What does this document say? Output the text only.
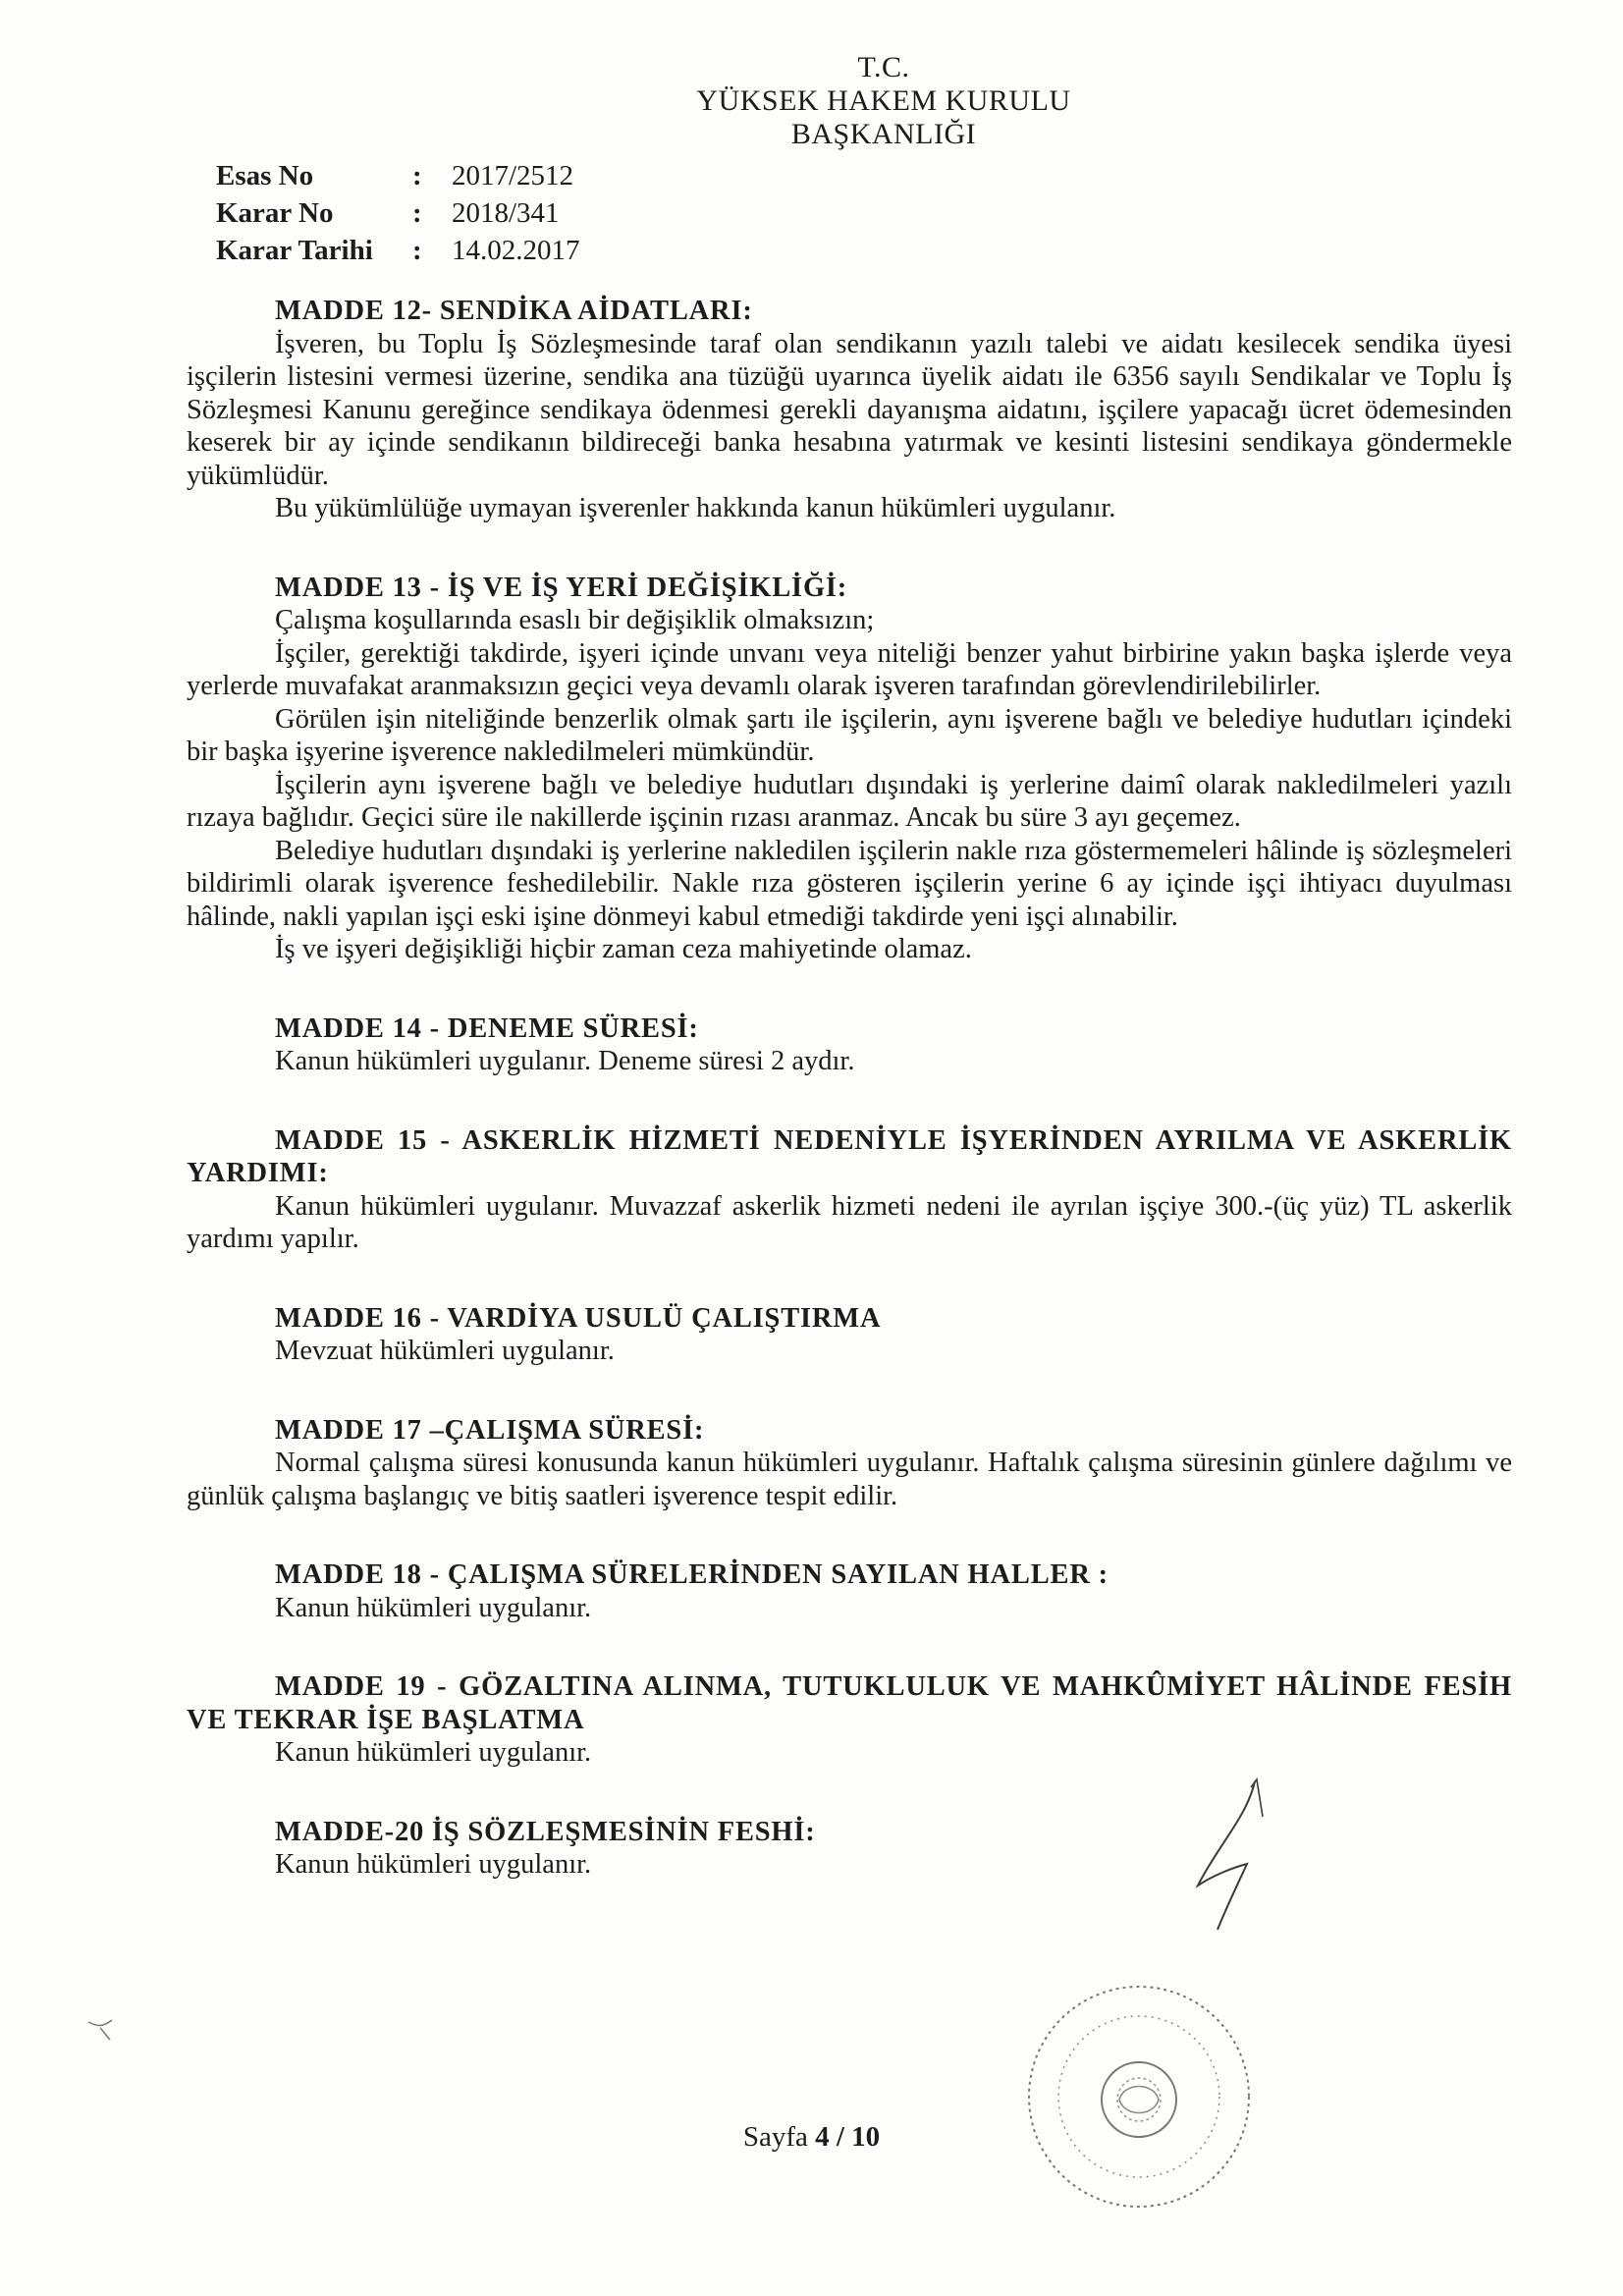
T.C.
YÜKSEK HAKEM KURULU
BAŞKANLIĞI
Esas No	:	2017/2512
Karar No	:	2018/341
Karar Tarihi	:	14.02.2017
MADDE 12- SENDİKA AİDATLARI:

İşveren, bu Toplu İş Sözleşmesinde taraf olan sendikanın yazılı talebi ve aidatı kesilecek sendika üyesi işçilerin listesini vermesi üzerine, sendika ana tüzüğü uyarınca üyelik aidatı ile 6356 sayılı Sendikalar ve Toplu İş Sözleşmesi Kanunu gereğince sendikaya ödenmesi gerekli dayanışma aidatını, işçilere yapacağı ücret ödemesinden keserek bir ay içinde sendikanın bildireceği banka hesabına yatırmak ve kesinti listesini sendikaya göndermekle yükümlüdür.

Bu yükümlülüğe uymayan işverenler hakkında kanun hükümleri uygulanır.

MADDE 13 - İŞ VE İŞ YERİ DEĞİŞİKLİĞİ:

Çalışma koşullarında esaslı bir değişiklik olmaksızın;

İşçiler, gerektiği takdirde, işyeri içinde unvanı veya niteliği benzer yahut birbirine yakın başka işlerde veya yerlerde muvafakat aranmaksızın geçici veya devamlı olarak işveren tarafından görevlendirilebilirler.

Görülen işin niteliğinde benzerlik olmak şartı ile işçilerin, aynı işverene bağlı ve belediye hudutları içindeki bir başka işyerine işverence nakledilmeleri mümkündür.

İşçilerin aynı işverene bağlı ve belediye hudutları dışındaki iş yerlerine daimî olarak nakledilmeleri yazılı rızaya bağlıdır. Geçici süre ile nakillerde işçinin rızası aranmaz. Ancak bu süre 3 ayı geçemez.

Belediye hudutları dışındaki iş yerlerine nakledilen işçilerin nakle rıza göstermemeleri hâlinde iş sözleşmeleri bildirimli olarak işverence feshedilebilir. Nakle rıza gösteren işçilerin yerine 6 ay içinde işçi ihtiyacı duyulması hâlinde, nakli yapılan işçi eski işine dönmeyi kabul etmediği takdirde yeni işçi alınabilir.

İş ve işyeri değişikliği hiçbir zaman ceza mahiyetinde olamaz.

MADDE 14 - DENEME SÜRESİ:

Kanun hükümleri uygulanır. Deneme süresi 2 aydır.

MADDE 15 - ASKERLİK HİZMETİ NEDENİYLE İŞYERİNDEN AYRILMA VE ASKERLİK YARDIMI:

Kanun hükümleri uygulanır. Muvazzaf askerlik hizmeti nedeni ile ayrılan işçiye 300.-(üç yüz) TL askerlik yardımı yapılır.

MADDE 16 - VARDİYA USULÜ ÇALIŞTIRMA

Mevzuat hükümleri uygulanır.

MADDE 17 –ÇALIŞMA SÜRESİ:

Normal çalışma süresi konusunda kanun hükümleri uygulanır. Haftalık çalışma süresinin günlere dağılımı ve günlük çalışma başlangıç ve bitiş saatleri işverence tespit edilir.

MADDE 18 - ÇALIŞMA SÜRELERİNDEN SAYILAN HALLER :

Kanun hükümleri uygulanır.

MADDE 19 - GÖZALTINA ALINMA, TUTUKLULUK VE MAHKÛMİYET HÂLİNDE FESİH VE TEKRAR İŞE BAŞLATMA

Kanun hükümleri uygulanır.

MADDE-20 İŞ SÖZLEŞMESİNİN FESHİ:

Kanun hükümleri uygulanır.

Sayfa 4 / 10
